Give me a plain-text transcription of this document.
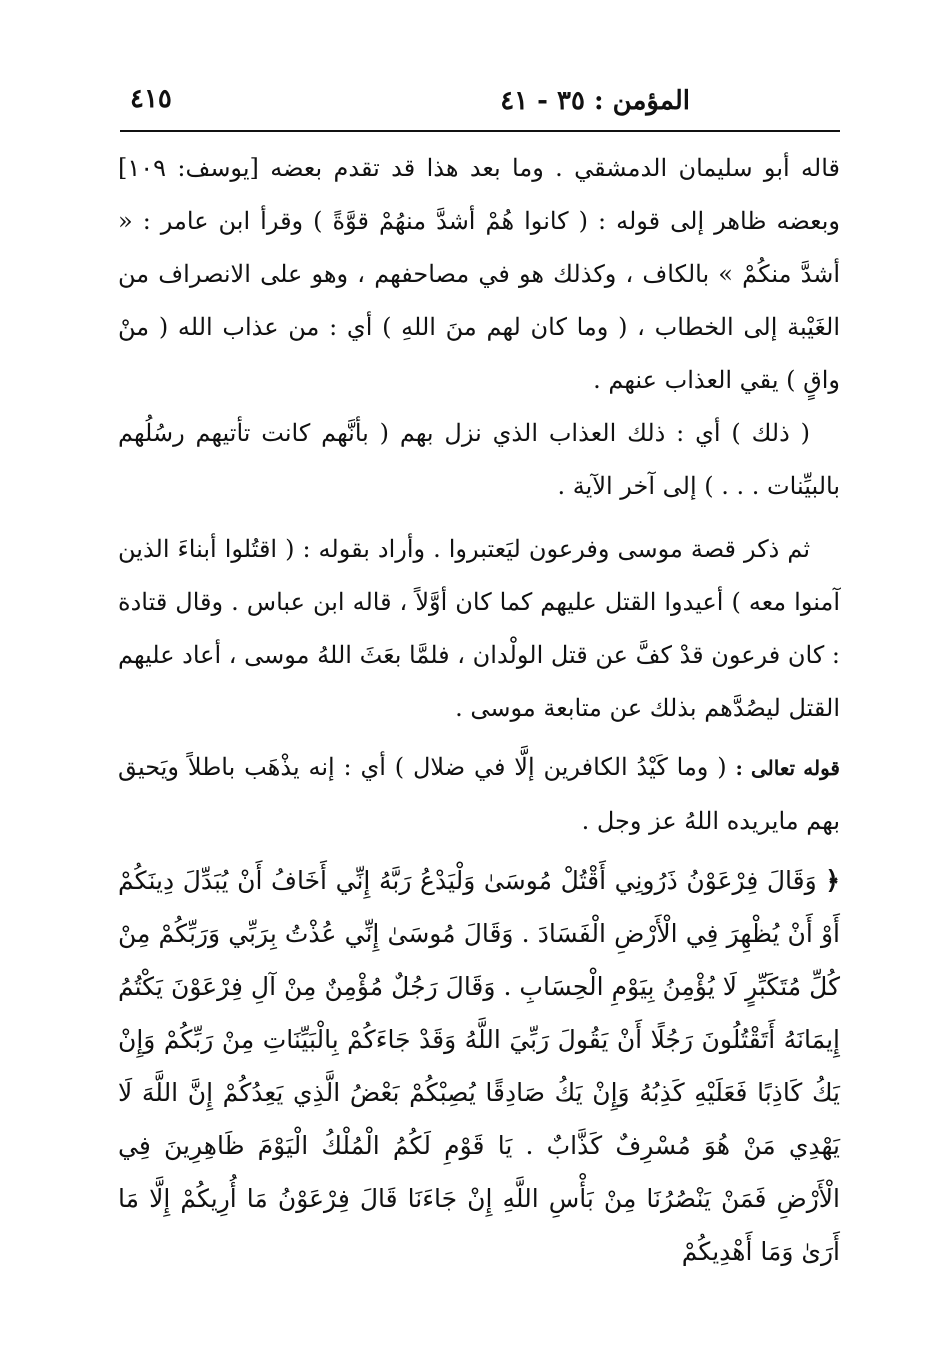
المؤمن : ٣٥ - ٤١
٤١٥

قاله أبو سليمان الدمشقي . وما بعد هذا قد تقدم بعضه [يوسف: ١٠٩] وبعضه ظاهر إلى قوله : ( كانوا هُمْ أشدَّ منهُمْ قوَّةً ) وقرأ ابن عامر : « أشدَّ منكُمْ » بالكاف ، وكذلك هو في مصاحفهم ، وهو على الانصراف من الغَيْبة إلى الخطاب ، ( وما كان لهم منَ اللهِ ) أي : من عذاب الله ( منْ واقٍ ) يقي العذاب عنهم .

( ذلك ) أي : ذلك العذاب الذي نزل بهم ( بأنَّهم كانت تأتيهم رسُلُهم بالبيِّنات . . . ) إلى آخر الآية .

ثم ذكر قصة موسى وفرعون ليَعتبروا . وأراد بقوله : ( اقتُلوا أبناءَ الذين آمنوا معه ) أعيدوا القتل عليهم كما كان أوَّلاً ، قاله ابن عباس . وقال قتادة : كان فرعون قدْ كفَّ عن قتل الولْدان ، فلمَّا بعَثَ اللهُ موسى ، أعاد عليهم القتل ليصُدَّهم بذلك عن متابعة موسى .

قوله تعالى : ( وما كَيْدُ الكافرين إلَّا في ضلال ) أي : إنه يذْهَب باطلاً ويَحيق بهم مايريده اللهُ عز وجل .

﴿ وَقَالَ فِرْعَوْنُ ذَرُونِي أَقْتُلْ مُوسَىٰ وَلْيَدْعُ رَبَّهُ إِنِّي أَخَافُ أَنْ يُبَدِّلَ دِينَكُمْ أَوْ أَنْ يُظْهِرَ فِي الْأَرْضِ الْفَسَادَ . وَقَالَ مُوسَىٰ إِنِّي عُذْتُ بِرَبِّي وَرَبِّكُمْ مِنْ كُلِّ مُتَكَبِّرٍ لَا يُؤْمِنُ بِيَوْمِ الْحِسَابِ . وَقَالَ رَجُلٌ مُؤْمِنٌ مِنْ آلِ فِرْعَوْنَ يَكْتُمُ إِيمَانَهُ أَتَقْتُلُونَ رَجُلًا أَنْ يَقُولَ رَبِّيَ اللَّهُ وَقَدْ جَاءَكُمْ بِالْبَيِّنَاتِ مِنْ رَبِّكُمْ وَإِنْ يَكُ كَاذِبًا فَعَلَيْهِ كَذِبُهُ وَإِنْ يَكُ صَادِقًا يُصِبْكُمْ بَعْضُ الَّذِي يَعِدُكُمْ إِنَّ اللَّهَ لَا يَهْدِي مَنْ هُوَ مُسْرِفٌ كَذَّابٌ . يَا قَوْمِ لَكُمُ الْمُلْكُ الْيَوْمَ ظَاهِرِينَ فِي الْأَرْضِ فَمَنْ يَنْصُرُنَا مِنْ بَأْسِ اللَّهِ إِنْ جَاءَنَا قَالَ فِرْعَوْنُ مَا أُرِيكُمْ إِلَّا مَا أَرَىٰ وَمَا أَهْدِيكُمْ
